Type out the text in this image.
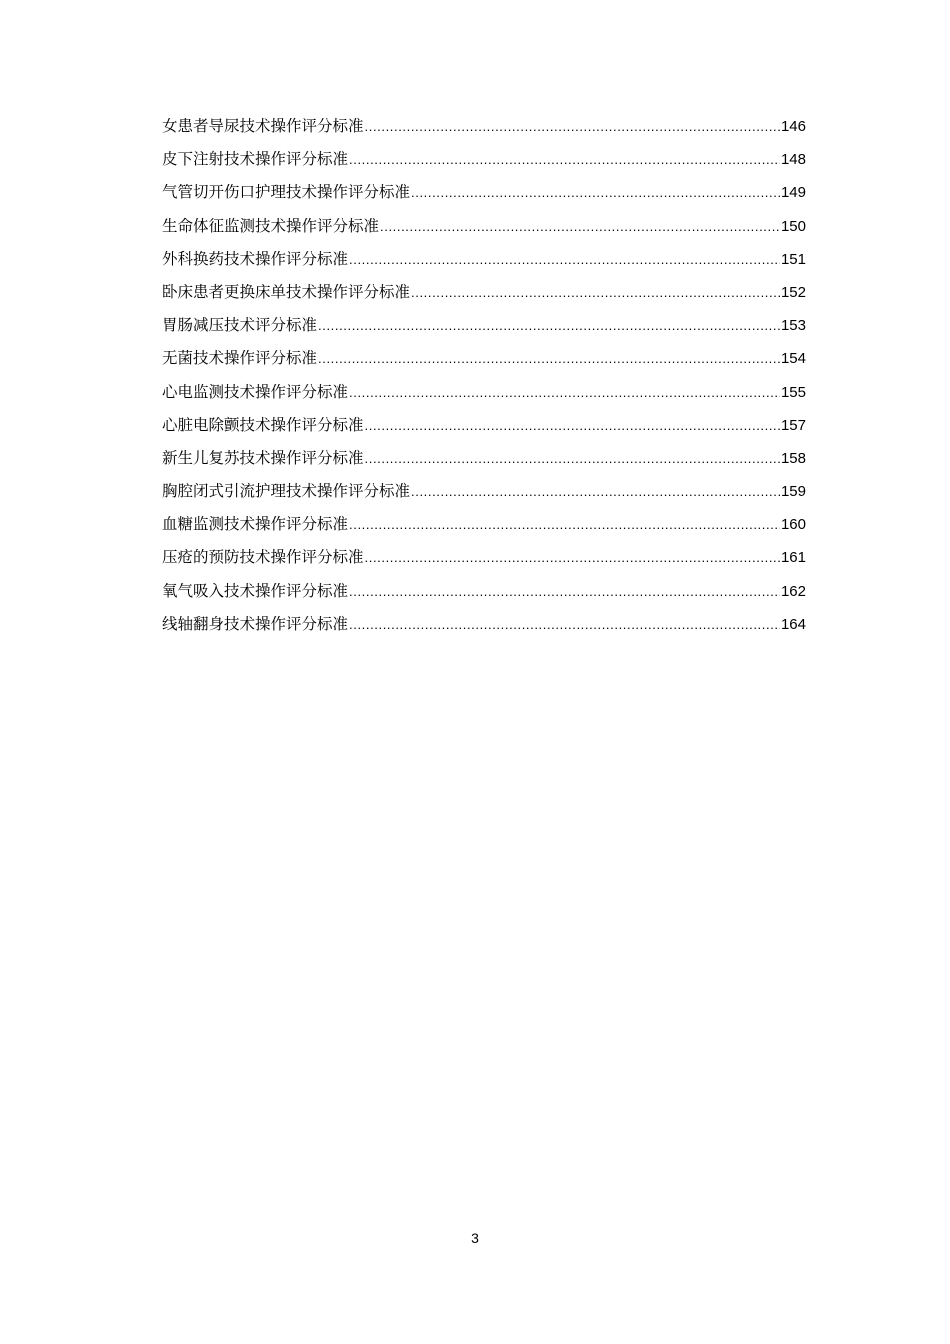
女患者导尿技术操作评分标准 .....	146
皮下注射技术操作评分标准 .....	148
气管切开伤口护理技术操作评分标准 .....	149
生命体征监测技术操作评分标准 .....	150
外科换药技术操作评分标准 .....	151
卧床患者更换床单技术操作评分标准 .....	152
胃肠减压技术评分标准 .....	153
无菌技术操作评分标准 .....	154
心电监测技术操作评分标准 .....	155
心脏电除颤技术操作评分标准 .....	157
新生儿复苏技术操作评分标准 .....	158
胸腔闭式引流护理技术操作评分标准 .....	159
血糖监测技术操作评分标准 .....	160
压疮的预防技术操作评分标准 .....	161
氧气吸入技术操作评分标准 .....	162
线轴翻身技术操作评分标准 .....	164
3
